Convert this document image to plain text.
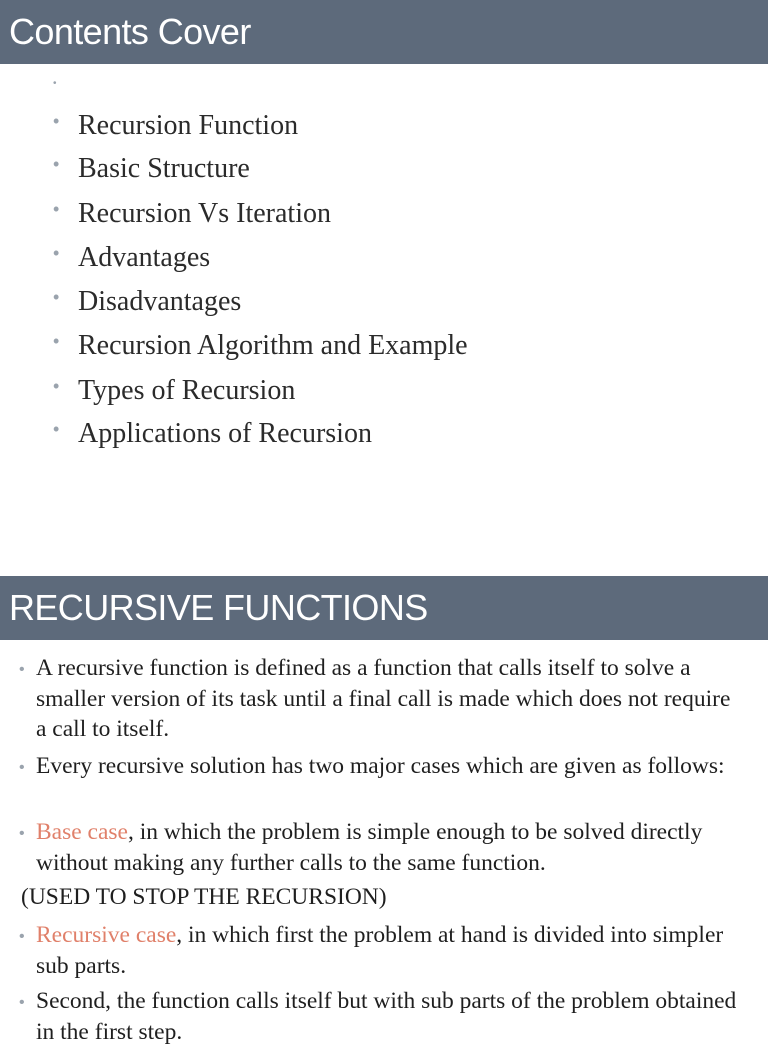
Contents Cover
•
• Recursion Function
• Basic Structure
• Recursion Vs Iteration
• Advantages
• Disadvantages
• Recursion Algorithm and Example
• Types of Recursion
• Applications of Recursion
RECURSIVE FUNCTIONS
• A recursive function is defined as a function that calls itself to solve a smaller version of its task until a final call is made which does not require a call to itself.
• Every recursive solution has two major cases which are given as follows:
• Base case, in which the problem is simple enough to be solved directly without making any further calls to the same function.
(USED TO STOP THE RECURSION)
• Recursive case, in which first the problem at hand is divided into simpler sub parts.
• Second, the function calls itself but with sub parts of the problem obtained in the first step.
